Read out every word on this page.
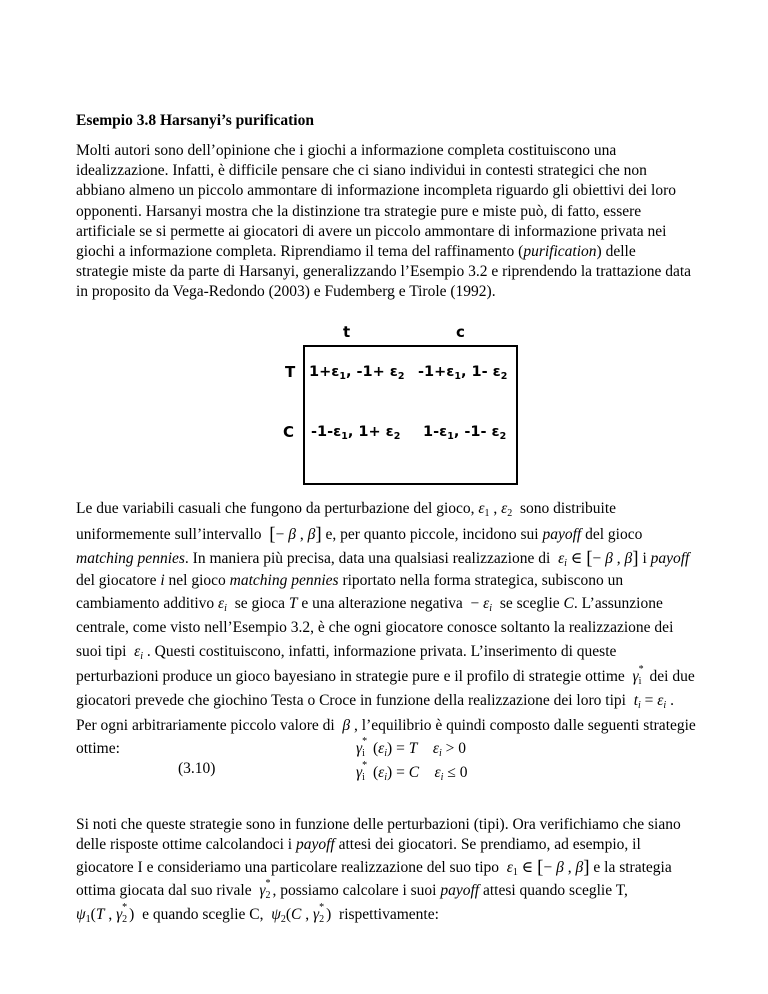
Esempio 3.8 Harsanyi’s purification
Molti autori sono dell’opinione che i giochi a informazione completa costituiscono una idealizzazione. Infatti, è difficile pensare che ci siano individui in contesti strategici che non abbiano almeno un piccolo ammontare di informazione incompleta riguardo gli obiettivi dei loro opponenti. Harsanyi mostra che la distinzione tra strategie pure e miste può, di fatto, essere artificiale se si permette ai giocatori di avere un piccolo ammontare di informazione privata nei giochi a informazione completa. Riprendiamo il tema del raffinamento (purification) delle strategie miste da parte di Harsanyi, generalizzando l’Esempio 3.2 e riprendendo la trattazione data in proposito da Vega-Redondo (2003) e Fudemberg e Tirole (1992).
t	c
T
C
$1+\varepsilon_1$, $-1+ \varepsilon_2$ $-1+\varepsilon_1$, 1- $\varepsilon_2$
$-1-\varepsilon_1$, $1+ \varepsilon_2$ $1-\varepsilon_1$, -1- $\varepsilon_2$
Le due variabili casuali che fungono da perturbazione del gioco, $\varepsilon_1$ , $\varepsilon_2$ sono distribuite
uniformemente sull’intervallo [− β , β] e, per quanto piccole, incidono sui payoff del gioco
matching pennies. In maniera più precisa, data una qualsiasi realizzazione di $\varepsilon_i$ ∈ [− β , β] i payoff
del giocatore i nel gioco matching pennies riportato nella forma strategica, subiscono un
cambiamento additivo $\varepsilon_i$ se gioca T e una alterazione negativa  − $\varepsilon_i$ se sceglie C. L’assunzione
centrale, come visto nell’Esempio 3.2, è che ogni giocatore conosce soltanto la realizzazione dei
suoi tipi $\varepsilon_i$ . Questi costituiscono, infatti, informazione privata. L’inserimento di queste
perturbazioni produce un gioco bayesiano in strategie pure e il profilo di strategie ottime γ *
i dei due
giocatori prevede che giochino Testa o Croce in funzione della realizzazione dei loro tipi $t_i = \varepsilon_i$ .
Per ogni arbitrariamente piccolo valore di β , l’equilibrio è quindi composto dalle seguenti strategie
ottime:
(3.10)
γ *
i $(\varepsilon_i) = T$ $\varepsilon_i > 0$
γ *
i $(\varepsilon_i) = C$ $\varepsilon_i \le 0$
Si noti che queste strategie sono in funzione delle perturbazioni (tipi). Ora verifichiamo che siano
delle risposte ottime calcolandoci i payoff attesi dei giocatori. Se prendiamo, ad esempio, il
giocatore I e consideriamo una particolare realizzazione del suo tipo $\varepsilon_1$ ∈ [− β , β] e la strategia
ottima giocata dal suo rivale γ *
2 , possiamo calcolare i suoi payoff attesi quando sceglie T,
$\psi_1(T$ , γ *
2 )  e quando sceglie C, $\psi_2(C$ , γ *
2 )  rispettivamente:
